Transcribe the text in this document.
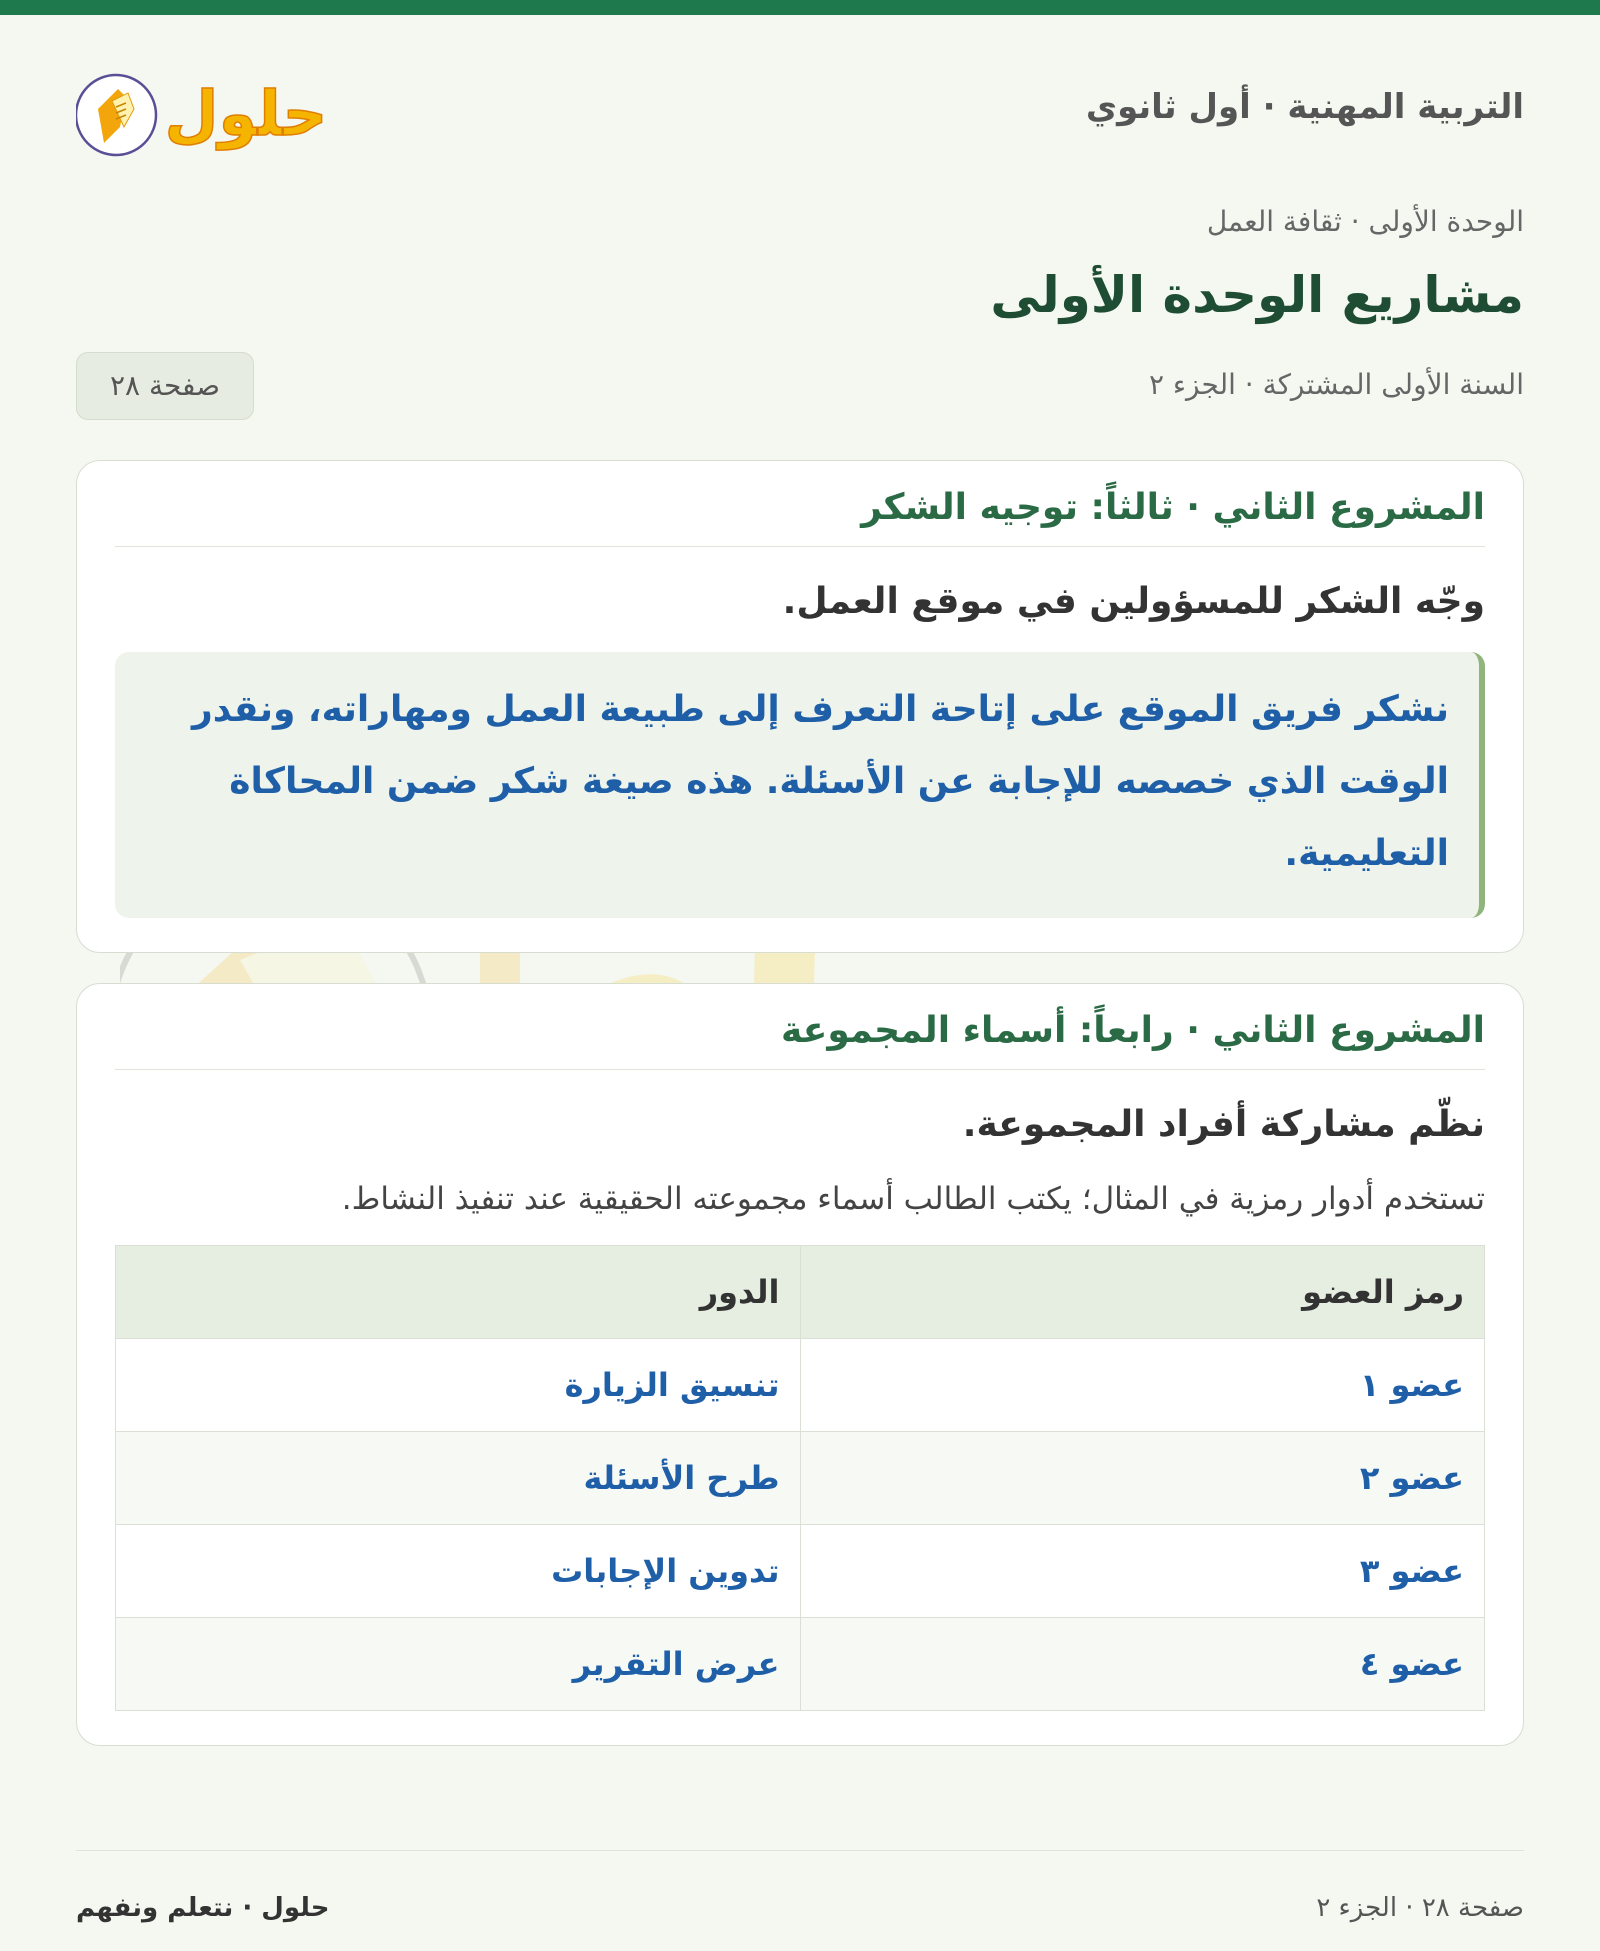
التربية المهنية · أول ثانوي
حلول
الوحدة الأولى · ثقافة العمل
مشاريع الوحدة الأولى
السنة الأولى المشتركة · الجزء ٢
صفحة ٢٨
المشروع الثاني · ثالثاً: توجيه الشكر
وجّه الشكر للمسؤولين في موقع العمل.
نشكر فريق الموقع على إتاحة التعرف إلى طبيعة العمل ومهاراته، ونقدر الوقت الذي خصصه للإجابة عن الأسئلة. هذه صيغة شكر ضمن المحاكاة التعليمية.
المشروع الثاني · رابعاً: أسماء المجموعة
نظّم مشاركة أفراد المجموعة.
تستخدم أدوار رمزية في المثال؛ يكتب الطالب أسماء مجموعته الحقيقية عند تنفيذ النشاط.
رمز العضو	الدور
عضو ١	تنسيق الزيارة
عضو ٢	طرح الأسئلة
عضو ٣	تدوين الإجابات
عضو ٤	عرض التقرير
صفحة ٢٨ · الجزء ٢
حلول · نتعلم ونفهم
